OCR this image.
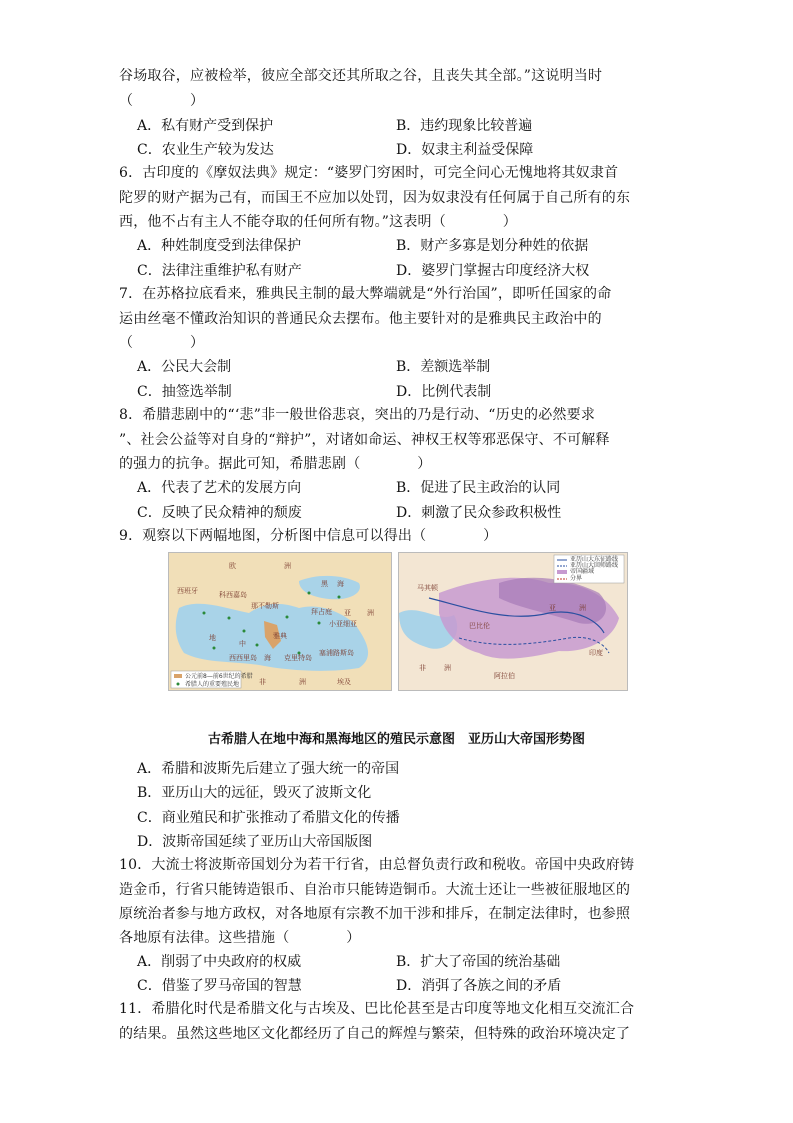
谷场取谷，应被检举，彼应全部交还其所取之谷，且丧失其全部。”这说明当时
（　　　　）
A．私有财产受到保护	B．违约现象比较普遍
C．农业生产较为发达	D．奴隶主利益受保障
6．古印度的《摩奴法典》规定：“婆罗门穷困时，可完全问心无愧地将其奴隶首
陀罗的财产据为己有，而国王不应加以处罚，因为奴隶没有任何属于自己所有的东
西，他不占有主人不能夺取的任何所有物。”这表明（　　　　）
A．种姓制度受到法律保护	B．财产多寡是划分种姓的依据
C．法律注重维护私有财产	D．婆罗门掌握古印度经济大权
7．在苏格拉底看来，雅典民主制的最大弊端就是“外行治国”，即听任国家的命
运由丝毫不懂政治知识的普通民众去摆布。他主要针对的是雅典民主政治中的
（　　　　）
A．公民大会制	B．差额选举制
C．抽签选举制	D．比例代表制
8．希腊悲剧中的“‘悲”非一般世俗悲哀，突出的乃是行动、“历史的必然要求
”、社会公益等对自身的“辩护”，对诸如命运、神权王权等邪恶保守、不可解释
的强力的抗争。据此可知，希腊悲剧（　　　　）
A．代表了艺术的发展方向	B．促进了民主政治的认同
C．反映了民众精神的颓废	D．刺激了民众参政积极性
9．观察以下两幅地图，分析图中信息可以得出（　　　　）
欧	洲
西班牙	科西嘉岛
那不勒斯
黑 海
亚 洲
小亚细亚
地
中
海
西西里岛
拜占庭
克里特岛
塞浦路斯岛
非	洲	埃及
雅典
公元前8—前6世纪的希腊
希腊人的重要殖民地
巴比伦
亚	洲
非	洲
阿拉伯
印度
马其顿
亚历山大东征路线
亚历山大回师路线
帝国疆域
分界
古希腊人在地中海和黑海地区的殖民示意图　亚历山大帝国形势图
A．希腊和波斯先后建立了强大统一的帝国
B．亚历山大的远征，毁灭了波斯文化
C．商业殖民和扩张推动了希腊文化的传播
D．波斯帝国延续了亚历山大帝国版图
10．大流士将波斯帝国划分为若干行省，由总督负责行政和税收。帝国中央政府铸
造金币，行省只能铸造银币、自治市只能铸造铜币。大流士还让一些被征服地区的
原统治者参与地方政权，对各地原有宗教不加干涉和排斥，在制定法律时，也参照
各地原有法律。这些措施（　　　　）
A．削弱了中央政府的权威	B．扩大了帝国的统治基础
C．借鉴了罗马帝国的智慧	D．消弭了各族之间的矛盾
11．希腊化时代是希腊文化与古埃及、巴比伦甚至是古印度等地文化相互交流汇合
的结果。虽然这些地区文化都经历了自己的辉煌与繁荣，但特殊的政治环境决定了
